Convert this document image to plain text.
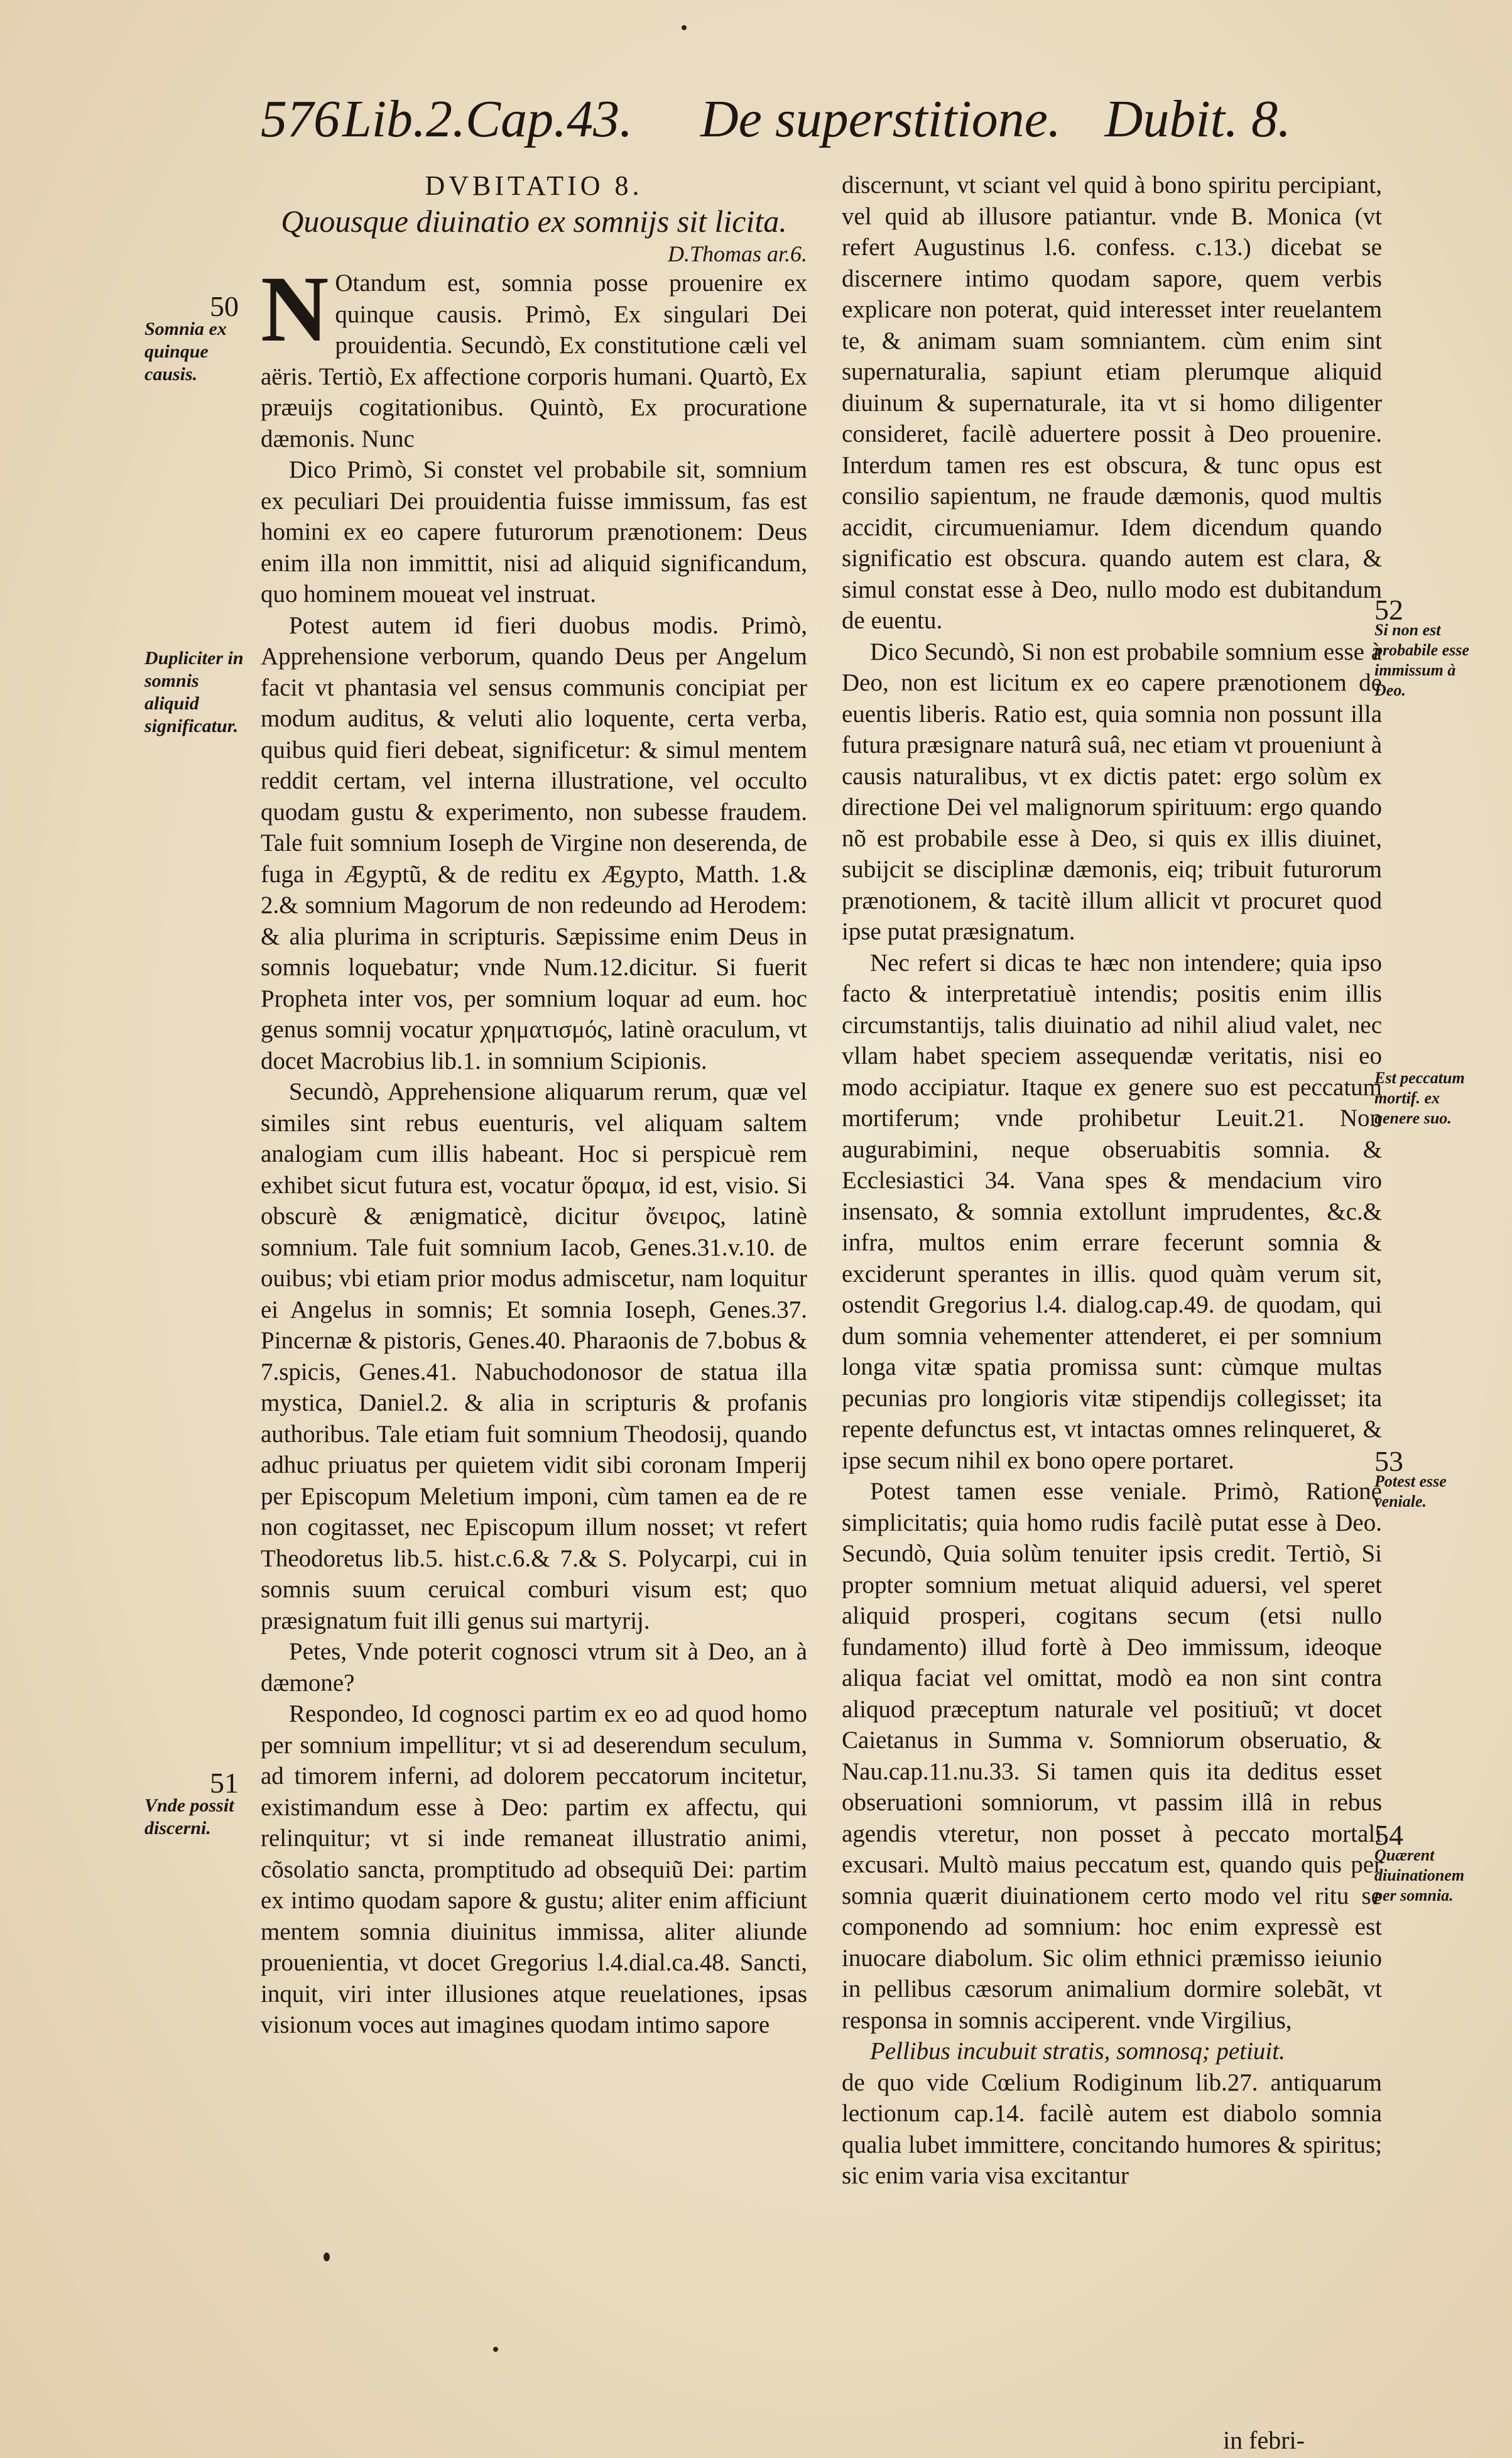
576 Lib.2.Cap.43. De superstitione. Dubit. 8.

DVBITATIO 8.

Quousque diuinatio ex somnijs sit licita.

D.Thomas ar.6.

N Otandum est, somnia posse prouenire ex quinque causis. Primò, Ex singulari Dei prouidentia. Secundò, Ex constitutione cæli vel aëris. Tertiò, Ex affectione corporis humani. Quartò, Ex præuijs cogitationibus. Quintò, Ex procuratione dæmonis. Nunc

Dico Primò, Si constet vel probabile sit, somnium ex peculiari Dei prouidentia fuisse immissum, fas est homini ex eo capere futurorum prænotionem: Deus enim illa non immittit, nisi ad aliquid significandum, quo hominem moueat vel instruat.

Potest autem id fieri duobus modis. Primò, Apprehensione verborum, quando Deus per Angelum facit vt phantasia vel sensus communis concipiat per modum auditus, & veluti alio loquente, certa verba, quibus quid fieri debeat, significetur: & simul mentem reddit certam, vel interna illustratione, vel occulto quodam gustu & experimento, non subesse fraudem. Tale fuit somnium Ioseph de Virgine non deserenda, de fuga in Ægyptũ, & de reditu ex Ægypto, Matth. 1.& 2.& somnium Magorum de non redeundo ad Herodem: & alia plurima in scripturis. Sæpissime enim Deus in somnis loquebatur; vnde Num.12.dicitur. Si fuerit Propheta inter vos, per somnium loquar ad eum. hoc genus somnij vocatur χρηματισμός, latinè oraculum, vt docet Macrobius lib.1. in somnium Scipionis.

Secundò, Apprehensione aliquarum rerum, quæ vel similes sint rebus euenturis, vel aliquam saltem analogiam cum illis habeant. Hoc si perspicuè rem exhibet sicut futura est, vocatur ὅραμα, id est, visio. Si obscurè & ænigmaticè, dicitur ὄνειρος, latinè somnium. Tale fuit somnium Iacob, Genes.31.v.10. de ouibus; vbi etiam prior modus admiscetur, nam loquitur ei Angelus in somnis; Et somnia Ioseph, Genes.37. Pincernæ & pistoris, Genes.40. Pharaonis de 7.bobus & 7.spicis, Genes.41. Nabuchodonosor de statua illa mystica, Daniel.2. & alia in scripturis & profanis authoribus. Tale etiam fuit somnium Theodosij, quando adhuc priuatus per quietem vidit sibi coronam Imperij per Episcopum Meletium imponi, cùm tamen ea de re non cogitasset, nec Episcopum illum nosset; vt refert Theodoretus lib.5. hist.c.6.& 7.& S. Polycarpi, cui in somnis suum ceruical comburi visum est; quo præsignatum fuit illi genus sui martyrij.

Petes, Vnde poterit cognosci vtrum sit à Deo, an à dæmone?

Respondeo, Id cognosci partim ex eo ad quod homo per somnium impellitur; vt si ad deserendum seculum, ad timorem inferni, ad dolorem peccatorum incitetur, existimandum esse à Deo: partim ex affectu, qui relinquitur; vt si inde remaneat illustratio animi, cõsolatio sancta, promptitudo ad obsequiũ Dei: partim ex intimo quodam sapore & gustu; aliter enim afficiunt mentem somnia diuinitus immissa, aliter aliunde prouenientia, vt docet Gregorius l.4.dial.ca.48. Sancti, inquit, viri inter illusiones atque reuelationes, ipsas visionum voces aut imagines quodam intimo sapore

discernunt, vt sciant vel quid à bono spiritu percipiant, vel quid ab illusore patiantur. vnde B. Monica (vt refert Augustinus l.6. confess. c.13.) dicebat se discernere intimo quodam sapore, quem verbis explicare non poterat, quid interesset inter reuelantem te, & animam suam somniantem. cùm enim sint supernaturalia, sapiunt etiam plerumque aliquid diuinum & supernaturale, ita vt si homo diligenter consideret, facilè aduertere possit à Deo prouenire. Interdum tamen res est obscura, & tunc opus est consilio sapientum, ne fraude dæmonis, quod multis accidit, circumueniamur. Idem dicendum quando significatio est obscura. quando autem est clara, & simul constat esse à Deo, nullo modo est dubitandum de euentu.

Dico Secundò, Si non est probabile somnium esse à Deo, non est licitum ex eo capere prænotionem de euentis liberis. Ratio est, quia somnia non possunt illa futura præsignare naturâ suâ, nec etiam vt proueniunt à causis naturalibus, vt ex dictis patet: ergo solùm ex directione Dei vel malignorum spirituum: ergo quando nõ est probabile esse à Deo, si quis ex illis diuinet, subijcit se disciplinæ dæmonis, eiq; tribuit futurorum prænotionem, & tacitè illum allicit vt procuret quod ipse putat præsignatum.

Nec refert si dicas te hæc non intendere; quia ipso facto & interpretatiuè intendis; positis enim illis circumstantijs, talis diuinatio ad nihil aliud valet, nec vllam habet speciem assequendæ veritatis, nisi eo modo accipiatur. Itaque ex genere suo est peccatum mortiferum; vnde prohibetur Leuit.21. Non augurabimini, neque obseruabitis somnia. & Ecclesiastici 34. Vana spes & mendacium viro insensato, & somnia extollunt imprudentes, &c.& infra, multos enim errare fecerunt somnia & exciderunt sperantes in illis. quod quàm verum sit, ostendit Gregorius l.4. dialog.cap.49. de quodam, qui dum somnia vehementer attenderet, ei per somnium longa vitæ spatia promissa sunt: cùmque multas pecunias pro longioris vitæ stipendijs collegisset; ita repente defunctus est, vt intactas omnes relinqueret, & ipse secum nihil ex bono opere portaret.

Potest tamen esse veniale. Primò, Ratione simplicitatis; quia homo rudis facilè putat esse à Deo. Secundò, Quia solùm tenuiter ipsis credit. Tertiò, Si propter somnium metuat aliquid aduersi, vel speret aliquid prosperi, cogitans secum (etsi nullo fundamento) illud fortè à Deo immissum, ideoque aliqua faciat vel omittat, modò ea non sint contra aliquod præceptum naturale vel positiuũ; vt docet Caietanus in Summa v. Somniorum obseruatio, & Nau.cap.11.nu.33. Si tamen quis ita deditus esset obseruationi somniorum, vt passim illâ in rebus agendis vteretur, non posset à peccato mortali excusari. Multò maius peccatum est, quando quis per somnia quærit diuinationem certo modo vel ritu se componendo ad somnium: hoc enim expressè est inuocare diabolum. Sic olim ethnici præmisso ieiunio in pellibus cæsorum animalium dormire solebãt, vt responsa in somnis acciperent. vnde Virgilius,

Pellibus incubuit stratis, somnosq; petiuit.

de quo vide Cœlium Rodiginum lib.27. antiquarum lectionum cap.14. facilè autem est diabolo somnia qualia lubet immittere, concitando humores & spiritus; sic enim varia visa excitantur

50
Somnia ex quinque causis.
Dupliciter in somnis aliquid significatur.
51
Vnde possit discerni.
52
Si non est probabile esse immissum à Deo.
Est peccatum mortif. ex genere suo.
53
Potest esse veniale.
54
Quærent diuinationem per somnia.
in febri-
